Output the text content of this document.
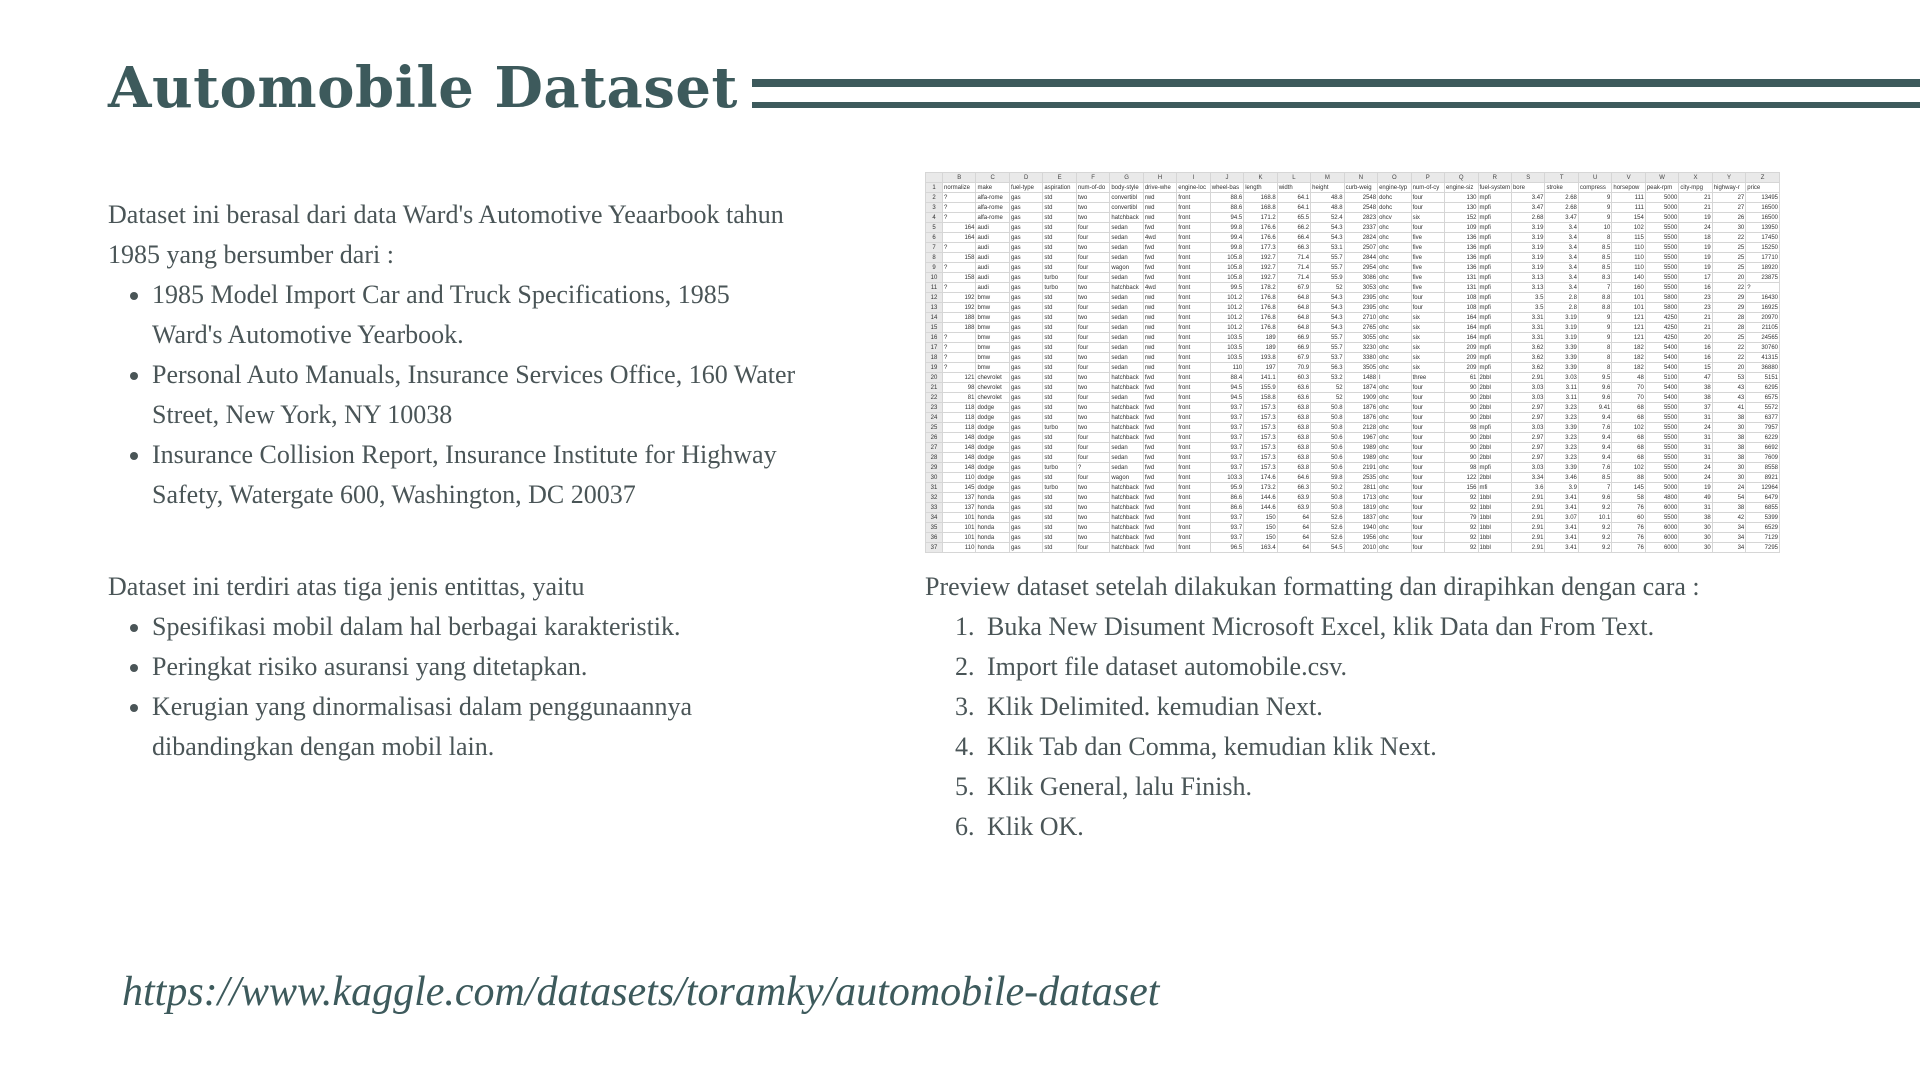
Automobile Dataset

Dataset ini berasal dari data Ward's Automotive Yeaarbook tahun 1985 yang bersumber dari :

• 1985 Model Import Car and Truck Specifications, 1985 Ward's Automotive Yearbook.
• Personal Auto Manuals, Insurance Services Office, 160 Water Street, New York, NY 10038
• Insurance Collision Report, Insurance Institute for Highway Safety, Watergate 600, Washington, DC 20037
	B	C	D	E	F	G	H	I	J	K	L	M	N	O	P	Q	R	S	T	U	V	W	X	Y	Z
1	normalize	make	fuel-type	aspiration	num-of-do	body-style	drive-whe	engine-loc	wheel-bas	length	width	height	curb-weig	engine-typ	num-of-cy	engine-siz	fuel-system	bore	stroke	compress	horsepow	peak-rpm	city-mpg	highway-r	price
2	?	alfa-rome	gas	std	two	convertibl	rwd	front	88.6	168.8	64.1	48.8	2548	dohc	four	130	mpfi	3.47	2.68	9	111	5000	21	27	13495
3	?	alfa-rome	gas	std	two	convertibl	rwd	front	88.6	168.8	64.1	48.8	2548	dohc	four	130	mpfi	3.47	2.68	9	111	5000	21	27	16500
4	?	alfa-rome	gas	std	two	hatchback	rwd	front	94.5	171.2	65.5	52.4	2823	ohcv	six	152	mpfi	2.68	3.47	9	154	5000	19	26	16500
5	164	audi	gas	std	four	sedan	fwd	front	99.8	176.6	66.2	54.3	2337	ohc	four	109	mpfi	3.19	3.4	10	102	5500	24	30	13950
6	164	audi	gas	std	four	sedan	4wd	front	99.4	176.6	66.4	54.3	2824	ohc	five	136	mpfi	3.19	3.4	8	115	5500	18	22	17450
7	?	audi	gas	std	two	sedan	fwd	front	99.8	177.3	66.3	53.1	2507	ohc	five	136	mpfi	3.19	3.4	8.5	110	5500	19	25	15250
8	158	audi	gas	std	four	sedan	fwd	front	105.8	192.7	71.4	55.7	2844	ohc	five	136	mpfi	3.19	3.4	8.5	110	5500	19	25	17710
9	?	audi	gas	std	four	wagon	fwd	front	105.8	192.7	71.4	55.7	2954	ohc	five	136	mpfi	3.19	3.4	8.5	110	5500	19	25	18920
10	158	audi	gas	turbo	four	sedan	fwd	front	105.8	192.7	71.4	55.9	3086	ohc	five	131	mpfi	3.13	3.4	8.3	140	5500	17	20	23875
11	?	audi	gas	turbo	two	hatchback	4wd	front	99.5	178.2	67.9	52	3053	ohc	five	131	mpfi	3.13	3.4	7	160	5500	16	22	?
12	192	bmw	gas	std	two	sedan	rwd	front	101.2	176.8	64.8	54.3	2395	ohc	four	108	mpfi	3.5	2.8	8.8	101	5800	23	29	16430
13	192	bmw	gas	std	four	sedan	rwd	front	101.2	176.8	64.8	54.3	2395	ohc	four	108	mpfi	3.5	2.8	8.8	101	5800	23	29	16925
14	188	bmw	gas	std	two	sedan	rwd	front	101.2	176.8	64.8	54.3	2710	ohc	six	164	mpfi	3.31	3.19	9	121	4250	21	28	20970
15	188	bmw	gas	std	four	sedan	rwd	front	101.2	176.8	64.8	54.3	2765	ohc	six	164	mpfi	3.31	3.19	9	121	4250	21	28	21105
16	?	bmw	gas	std	four	sedan	rwd	front	103.5	189	66.9	55.7	3055	ohc	six	164	mpfi	3.31	3.19	9	121	4250	20	25	24565
17	?	bmw	gas	std	four	sedan	rwd	front	103.5	189	66.9	55.7	3230	ohc	six	209	mpfi	3.62	3.39	8	182	5400	16	22	30760
18	?	bmw	gas	std	two	sedan	rwd	front	103.5	193.8	67.9	53.7	3380	ohc	six	209	mpfi	3.62	3.39	8	182	5400	16	22	41315
19	?	bmw	gas	std	four	sedan	rwd	front	110	197	70.9	56.3	3505	ohc	six	209	mpfi	3.62	3.39	8	182	5400	15	20	36880
20	121	chevrolet	gas	std	two	hatchback	fwd	front	88.4	141.1	60.3	53.2	1488	l	three	61	2bbl	2.91	3.03	9.5	48	5100	47	53	5151
21	98	chevrolet	gas	std	two	hatchback	fwd	front	94.5	155.9	63.6	52	1874	ohc	four	90	2bbl	3.03	3.11	9.6	70	5400	38	43	6295
22	81	chevrolet	gas	std	four	sedan	fwd	front	94.5	158.8	63.6	52	1909	ohc	four	90	2bbl	3.03	3.11	9.6	70	5400	38	43	6575
23	118	dodge	gas	std	two	hatchback	fwd	front	93.7	157.3	63.8	50.8	1876	ohc	four	90	2bbl	2.97	3.23	9.41	68	5500	37	41	5572
24	118	dodge	gas	std	two	hatchback	fwd	front	93.7	157.3	63.8	50.8	1876	ohc	four	90	2bbl	2.97	3.23	9.4	68	5500	31	38	6377
25	118	dodge	gas	turbo	two	hatchback	fwd	front	93.7	157.3	63.8	50.8	2128	ohc	four	98	mpfi	3.03	3.39	7.6	102	5500	24	30	7957
26	148	dodge	gas	std	four	hatchback	fwd	front	93.7	157.3	63.8	50.6	1967	ohc	four	90	2bbl	2.97	3.23	9.4	68	5500	31	38	6229
27	148	dodge	gas	std	four	sedan	fwd	front	93.7	157.3	63.8	50.6	1989	ohc	four	90	2bbl	2.97	3.23	9.4	68	5500	31	38	6692
28	148	dodge	gas	std	four	sedan	fwd	front	93.7	157.3	63.8	50.6	1989	ohc	four	90	2bbl	2.97	3.23	9.4	68	5500	31	38	7609
29	148	dodge	gas	turbo	?	sedan	fwd	front	93.7	157.3	63.8	50.6	2191	ohc	four	98	mpfi	3.03	3.39	7.6	102	5500	24	30	8558
30	110	dodge	gas	std	four	wagon	fwd	front	103.3	174.6	64.6	59.8	2535	ohc	four	122	2bbl	3.34	3.46	8.5	88	5000	24	30	8921
31	145	dodge	gas	turbo	two	hatchback	fwd	front	95.9	173.2	66.3	50.2	2811	ohc	four	156	mfi	3.6	3.9	7	145	5000	19	24	12964
32	137	honda	gas	std	two	hatchback	fwd	front	86.6	144.6	63.9	50.8	1713	ohc	four	92	1bbl	2.91	3.41	9.6	58	4800	49	54	6479
33	137	honda	gas	std	two	hatchback	fwd	front	86.6	144.6	63.9	50.8	1819	ohc	four	92	1bbl	2.91	3.41	9.2	76	6000	31	38	6855
34	101	honda	gas	std	two	hatchback	fwd	front	93.7	150	64	52.6	1837	ohc	four	79	1bbl	2.91	3.07	10.1	60	5500	38	42	5399
35	101	honda	gas	std	two	hatchback	fwd	front	93.7	150	64	52.6	1940	ohc	four	92	1bbl	2.91	3.41	9.2	76	6000	30	34	6529
36	101	honda	gas	std	two	hatchback	fwd	front	93.7	150	64	52.6	1956	ohc	four	92	1bbl	2.91	3.41	9.2	76	6000	30	34	7129
37	110	honda	gas	std	four	hatchback	fwd	front	96.5	163.4	64	54.5	2010	ohc	four	92	1bbl	2.91	3.41	9.2	76	6000	30	34	7295

Dataset ini terdiri atas tiga jenis entittas, yaitu

• Spesifikasi mobil dalam hal berbagai karakteristik.
• Peringkat risiko asuransi yang ditetapkan.
• Kerugian yang dinormalisasi dalam penggunaannya dibandingkan dengan mobil lain.

Preview dataset setelah dilakukan formatting dan dirapihkan dengan cara :

1. Buka New Disument Microsoft Excel, klik Data dan From Text.
2. Import file dataset automobile.csv.
3. Klik Delimited. kemudian Next.
4. Klik Tab dan Comma, kemudian klik Next.
5. Klik General, lalu Finish.
6. Klik OK.
https://www.kaggle.com/datasets/toramky/automobile-dataset
